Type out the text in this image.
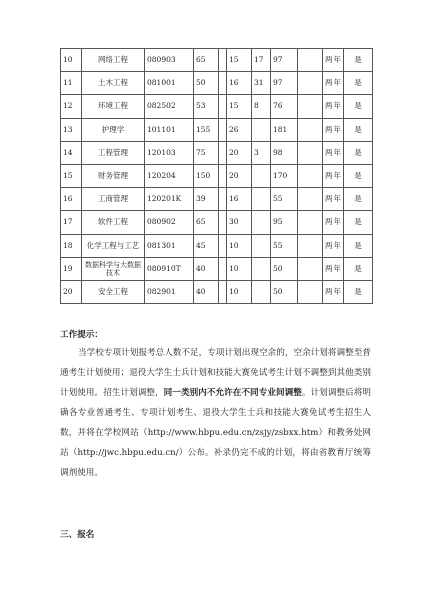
10	网络工程	080903	65		15	17	97		两年	是
11	土木工程	081001	50		16	31	97		两年	是
12	环境工程	082502	53		15	8	76		两年	是
13	护理学	101101	155		26		181		两年	是
14	工程管理	120103	75		20	3	98		两年	是
15	财务管理	120204	150		20		170		两年	是
16	工商管理	120201K	39		16		55		两年	是
17	软件工程	080902	65		30		95		两年	是
18	化学工程与工艺	081301	45		10		55		两年	是
19	数据科学与大数据技术	080910T	40		10		50		两年	是
20	安全工程	082901	40		10		50		两年	是
工作提示：
当学校专项计划报考总人数不足，专项计划出现空余的，空余计划将调整至普通考生计划使用；退役大学生士兵计划和技能大赛免试考生计划不调整到其他类别计划使用。招生计划调整，同一类别内不允许在不同专业间调整。计划调整后将明确各专业普通考生、专项计划考生、退役大学生士兵和技能大赛免试考生招生人数，并将在学校网站（http://www.hbpu.edu.cn/zsjy/zsbxx.htm）和教务处网站（http://jwc.hbpu.edu.cn/）公布。补录仍完不成的计划，将由省教育厅统筹调剂使用。
三、报名
